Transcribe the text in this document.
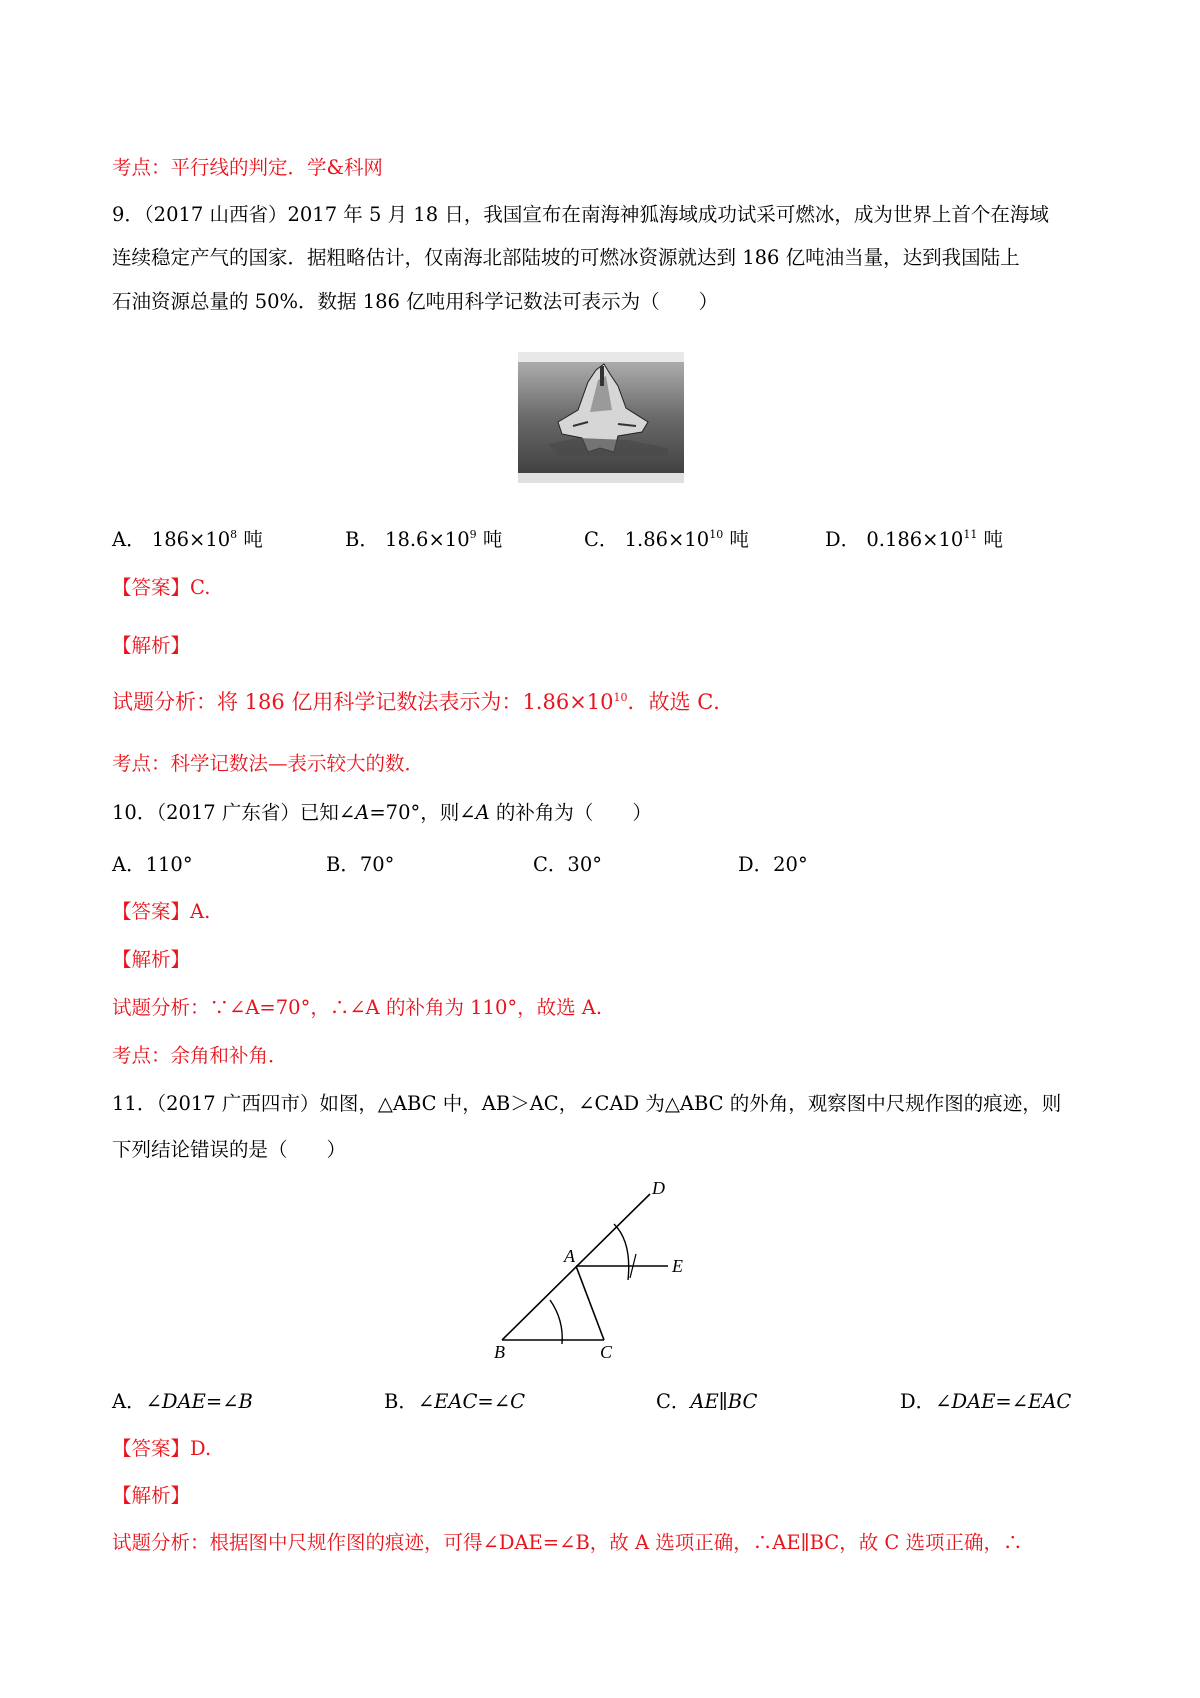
考点：平行线的判定．学&科网
9．（2017 山西省）2017 年 5 月 18 日，我国宣布在南海神狐海域成功试采可燃冰，成为世界上首个在海域
连续稳定产气的国家．据粗略估计，仅南海北部陆坡的可燃冰资源就达到 186 亿吨油当量，达到我国陆上
石油资源总量的 50%．数据 186 亿吨用科学记数法可表示为（　　）
A． $186\times 10^8$ 吨	B． $18.6\times 10^9$ 吨	C． $1.86\times 10^{10}$ 吨	D． $0.186\times 10^{11}$ 吨
【答案】C.
【解析】
试题分析：将 186 亿用科学记数法表示为：$1.86\times 10^{10}$．故选 C．
考点：科学记数法—表示较大的数．
10．（2017 广东省）已知∠A=70°，则∠A 的补角为（　　）
A．110°	B．70°	C．30°	D．20°
【答案】A.
【解析】
试题分析：∵∠A=70°，∴∠A 的补角为 110°，故选 A.
考点：余角和补角．
11．（2017 广西四市）如图，△ABC 中，AB＞AC，∠CAD 为△ABC 的外角，观察图中尺规作图的痕迹，则
下列结论错误的是（　　）
B	C
A
D
E
A．∠DAE=∠B	B．∠EAC=∠C	C．AE∥BC	D．∠DAE=∠EAC
【答案】D.
【解析】
试题分析：根据图中尺规作图的痕迹，可得∠DAE=∠B，故 A 选项正确，∴AE∥BC，故 C 选项正确，∴
